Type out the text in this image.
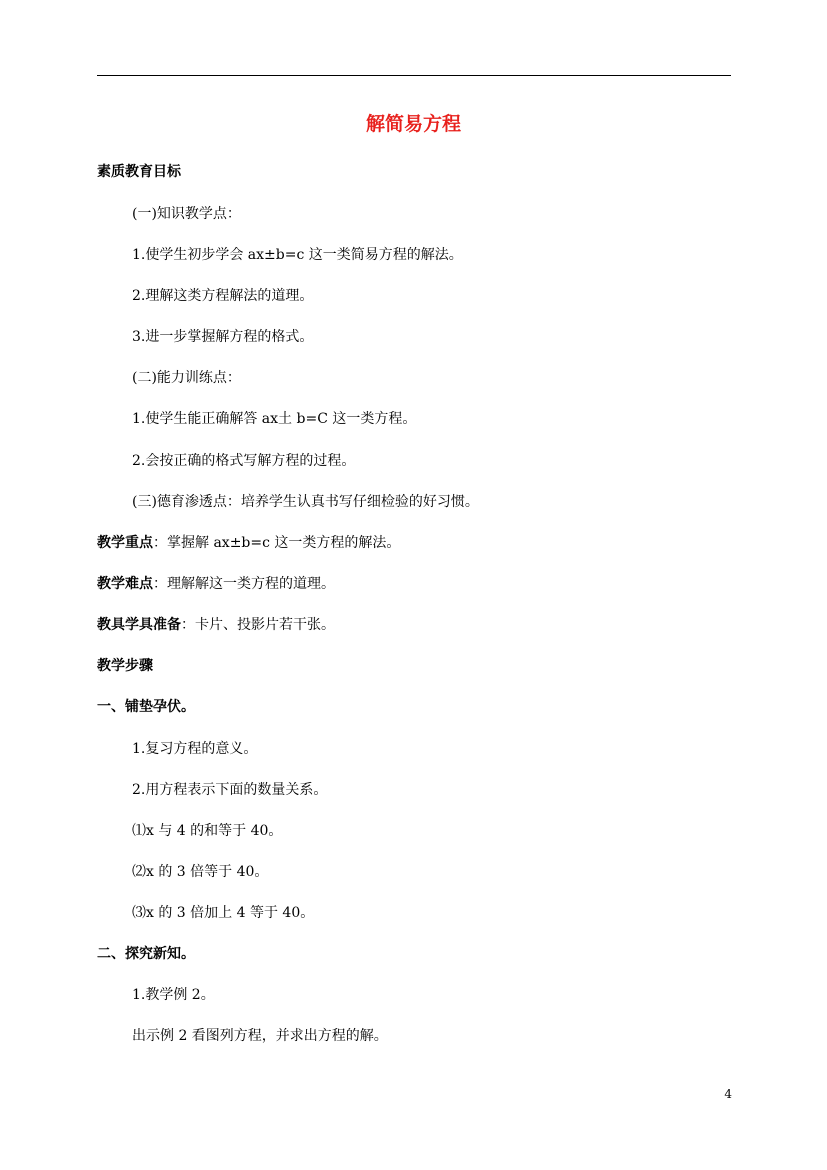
解简易方程
素质教育目标
(一)知识教学点：
1.使学生初步学会 ax±b=c 这一类简易方程的解法。
2.理解这类方程解法的道理。
3.进一步掌握解方程的格式。
(二)能力训练点：
1.使学生能正确解答 ax土 b=C 这一类方程。
2.会按正确的格式写解方程的过程。
(三)德育渗透点：培养学生认真书写仔细检验的好习惯。
教学重点：掌握解 ax±b=c 这一类方程的解法。
教学难点：理解解这一类方程的道理。
教具学具准备：卡片、投影片若干张。
教学步骤
一、铺垫孕伏。
1.复习方程的意义。
2.用方程表示下面的数量关系。
⑴x 与 4 的和等于 40。
⑵x 的 3 倍等于 40。
⑶x 的 3 倍加上 4 等于 40。
二、探究新知。
1.教学例 2。
出示例 2 看图列方程，并求出方程的解。
4
